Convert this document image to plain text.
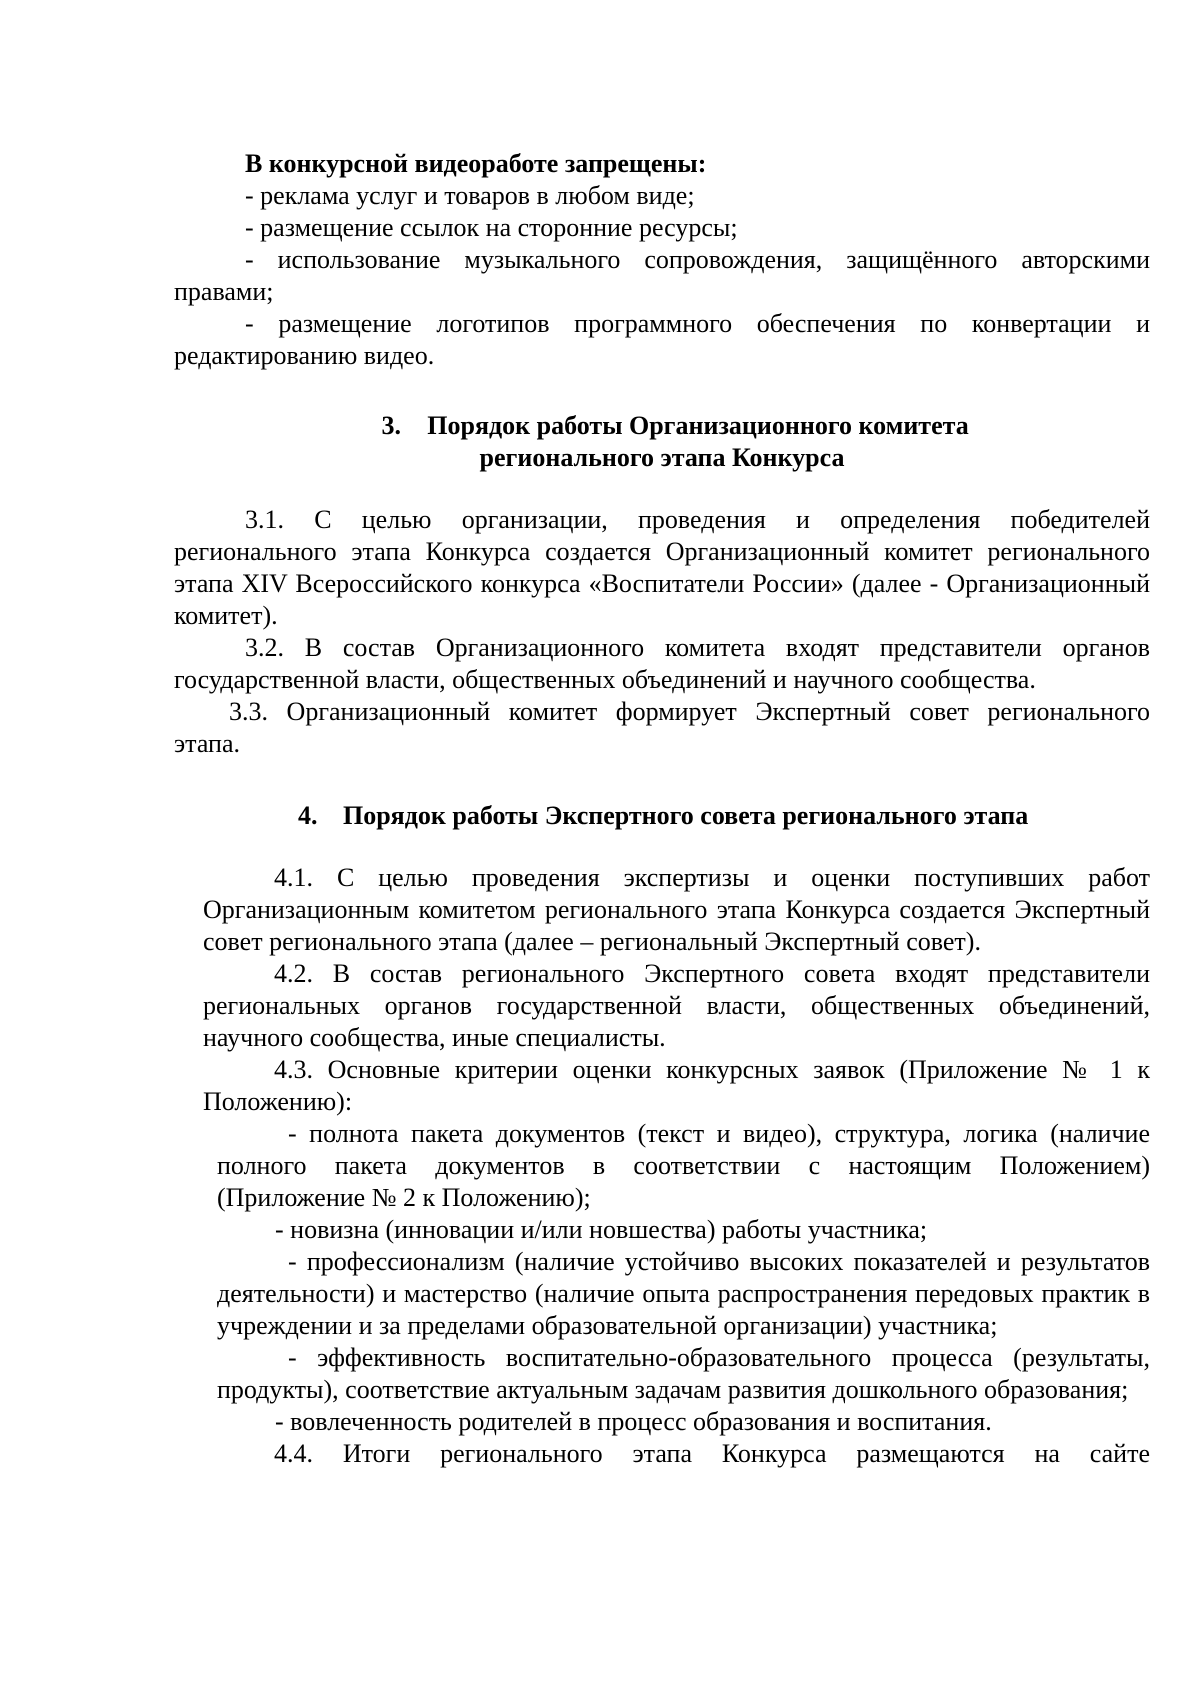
В конкурсной видеоработе запрещены:

- реклама услуг и товаров в любом виде;

- размещение ссылок на сторонние ресурсы;

- использование музыкального сопровождения, защищённого авторскими правами;

- размещение логотипов программного обеспечения по конвертации и редактированию видео.

3. Порядок работы Организационного комитета
регионального этапа Конкурса

3.1. С целью организации, проведения и определения победителей регионального этапа Конкурса создается Организационный комитет регионального этапа XIV Всероссийского конкурса «Воспитатели России» (далее - Организационный комитет).

3.2. В состав Организационного комитета входят представители органов государственной власти, общественных объединений и научного сообщества.

3.3. Организационный комитет формирует Экспертный совет регионального этапа.

4. Порядок работы Экспертного совета регионального этапа

4.1. С целью проведения экспертизы и оценки поступивших работ Организационным комитетом регионального этапа Конкурса создается Экспертный совет регионального этапа (далее – региональный Экспертный совет).

4.2. В состав регионального Экспертного совета входят представители региональных органов государственной власти, общественных объединений, научного сообщества, иные специалисты.

4.3. Основные критерии оценки конкурсных заявок (Приложение № 1 к Положению):

- полнота пакета документов (текст и видео), структура, логика (наличие полного пакета документов в соответствии с настоящим Положением) (Приложение № 2 к Положению);

- новизна (инновации и/или новшества) работы участника;

- профессионализм (наличие устойчиво высоких показателей и результатов деятельности) и мастерство (наличие опыта распространения передовых практик в учреждении и за пределами образовательной организации) участника;

- эффективность воспитательно-образовательного процесса (результаты, продукты), соответствие актуальным задачам развития дошкольного образования;

- вовлеченность родителей в процесс образования и воспитания.

4.4. Итоги регионального этапа Конкурса размещаются на сайте
